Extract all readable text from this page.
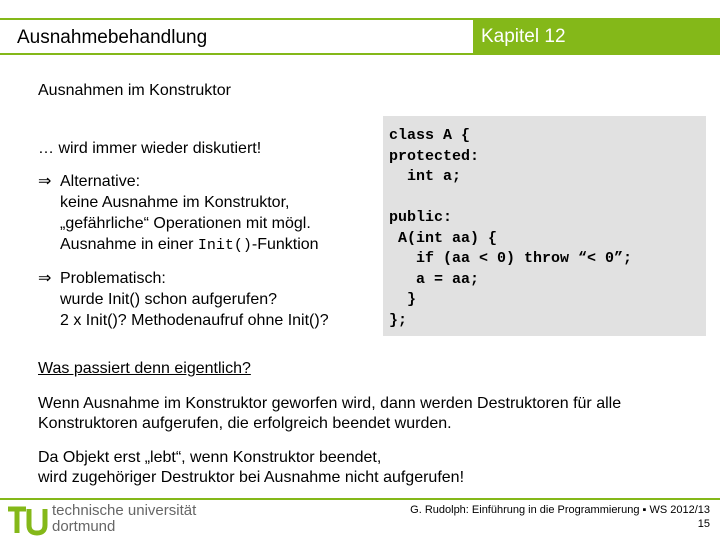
Ausnahmebehandlung	Kapitel 12
Ausnahmen im Konstruktor
… wird immer wieder diskutiert!
⇒ Alternative:
keine Ausnahme im Konstruktor,
„gefährliche“ Operationen mit mögl.
Ausnahme in einer Init()-Funktion
⇒ Problematisch:
wurde Init() schon aufgerufen?
2 x Init()? Methodenaufruf ohne Init()?
class A {
protected:
int a;

public:
A(int aa) {
if (aa < 0) throw “< 0”;
a = aa;
}
};
Was passiert denn eigentlich?
Wenn Ausnahme im Konstruktor geworfen wird, dann werden Destruktoren für alle Konstruktoren aufgerufen, die erfolgreich beendet wurden.
Da Objekt erst „lebt“, wenn Konstruktor beendet,
wird zugehöriger Destruktor bei Ausnahme nicht aufgerufen!
technische universität
dortmund
G. Rudolph: Einführung in die Programmierung ▪ WS 2012/13
15
